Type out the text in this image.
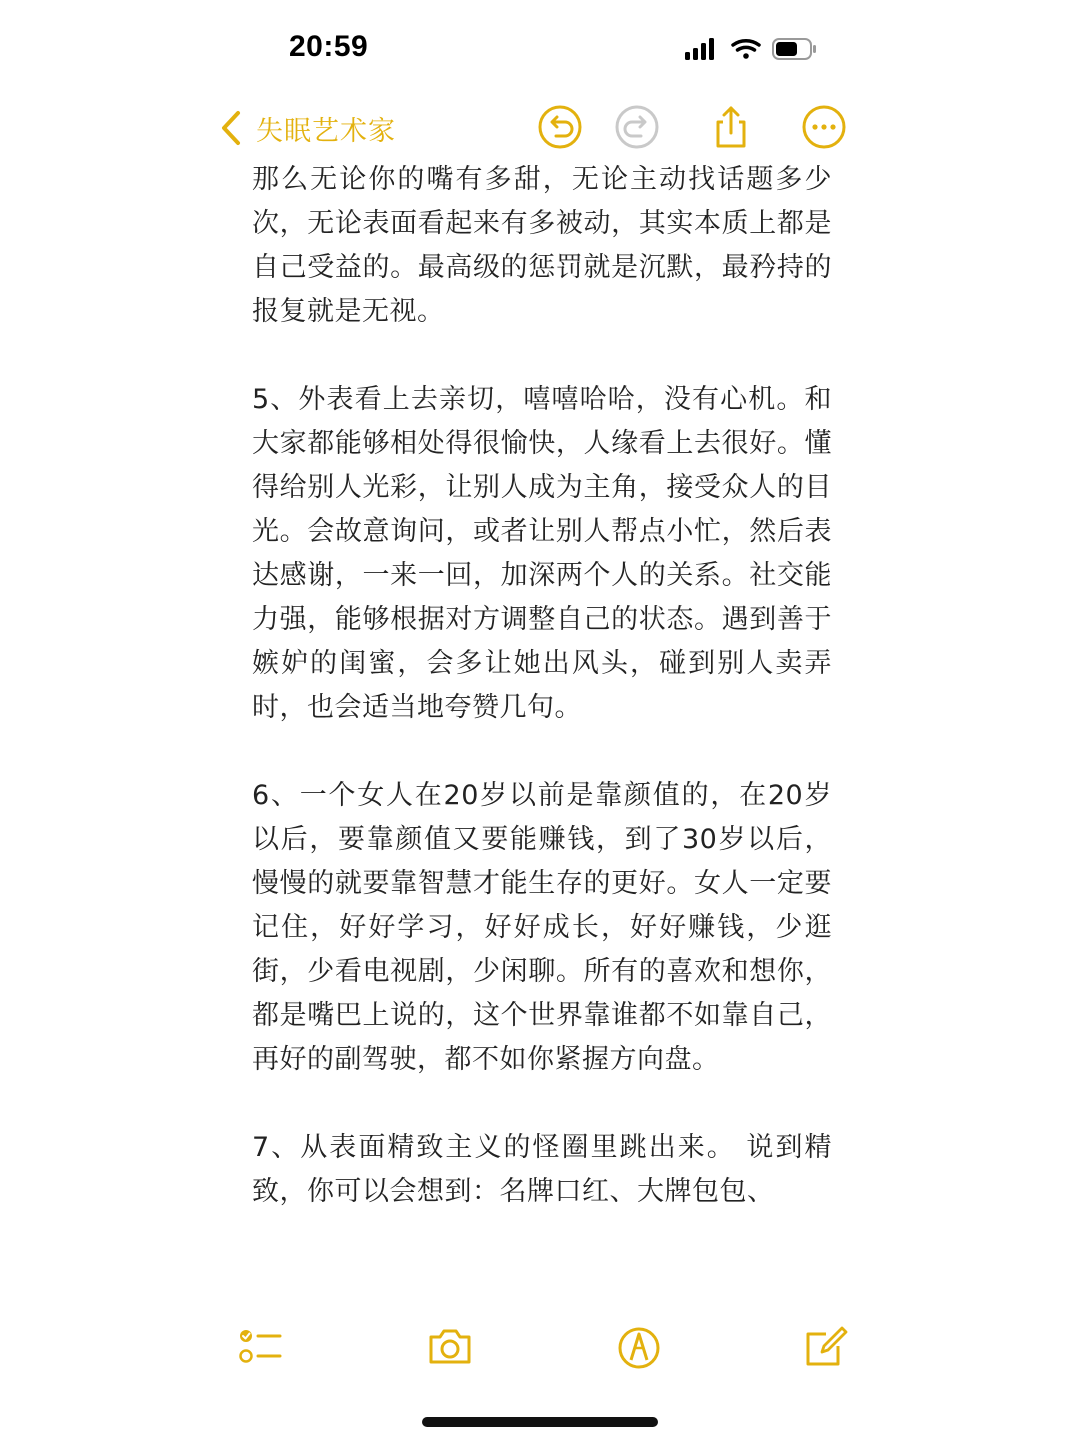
20:59
失眠艺术家

那么无论你的嘴有多甜，无论主动找话题多少次，无论表面看起来有多被动，其实本质上都是自己受益的。最高级的惩罚就是沉默，最矜持的报复就是无视。

5、外表看上去亲切，嘻嘻哈哈，没有心机。和大家都能够相处得很愉快，人缘看上去很好。懂得给别人光彩，让别人成为主角，接受众人的目光。会故意询问，或者让别人帮点小忙，然后表达感谢，一来一回，加深两个人的关系。社交能力强，能够根据对方调整自己的状态。遇到善于嫉妒的闺蜜，会多让她出风头，碰到别人卖弄时，也会适当地夸赞几句。

6、一个女人在20岁以前是靠颜值的，在20岁以后，要靠颜值又要能赚钱，到了30岁以后，慢慢的就要靠智慧才能生存的更好。女人一定要记住，好好学习，好好成长，好好赚钱，少逛街，少看电视剧，少闲聊。所有的喜欢和想你，都是嘴巴上说的，这个世界靠谁都不如靠自己，再好的副驾驶，都不如你紧握方向盘。

7、从表面精致主义的怪圈里跳出来。 说到精致，你可以会想到：名牌口红、大牌包包、
